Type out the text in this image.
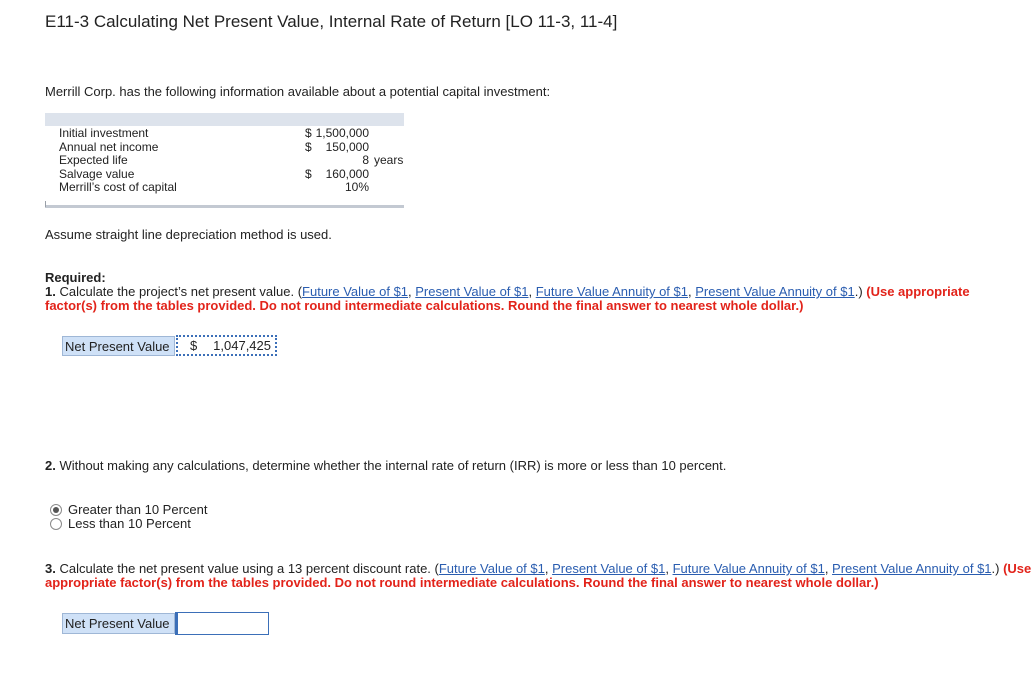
E11-3 Calculating Net Present Value, Internal Rate of Return [LO 11-3, 11-4]
Merrill Corp. has the following information available about a potential capital investment:
Initial investment	$ 1,500,000
Annual net income	$ 150,000
Expected life	8 years
Salvage value	$ 160,000
Merrill’s cost of capital	10%
Assume straight line depreciation method is used.
Required:
1. Calculate the project’s net present value. (Future Value of $1, Present Value of $1, Future Value Annuity of $1, Present Value Annuity of $1.) (Use appropriate
factor(s) from the tables provided. Do not round intermediate calculations. Round the final answer to nearest whole dollar.)
Net Present Value	$ 1,047,425
2. Without making any calculations, determine whether the internal rate of return (IRR) is more or less than 10 percent.
Greater than 10 Percent
Less than 10 Percent
3. Calculate the net present value using a 13 percent discount rate. (Future Value of $1, Present Value of $1, Future Value Annuity of $1, Present Value Annuity of $1.) (Use
appropriate factor(s) from the tables provided. Do not round intermediate calculations. Round the final answer to nearest whole dollar.)
Net Present Value
